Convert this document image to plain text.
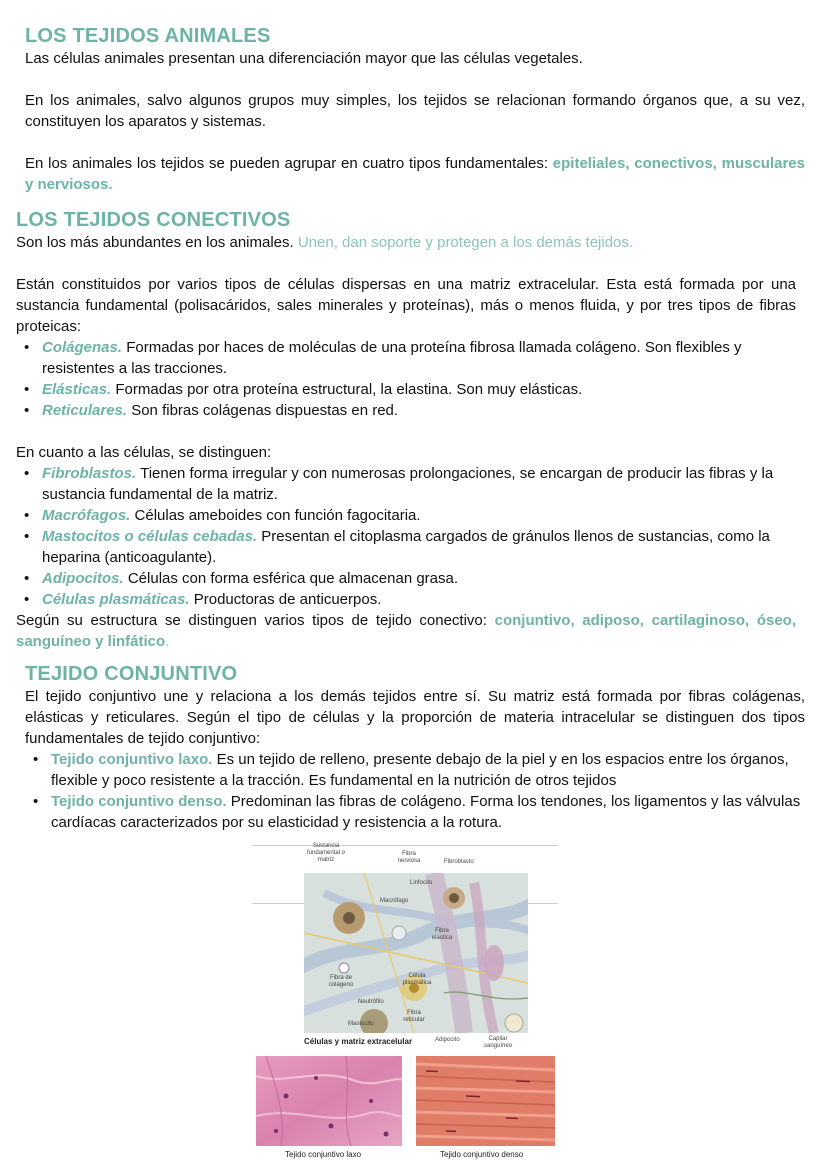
LOS TEJIDOS ANIMALES

Las células animales presentan una diferenciación mayor que las células vegetales.

En los animales, salvo algunos grupos muy simples, los tejidos se relacionan formando órganos que, a su vez, constituyen los aparatos y sistemas.

En los animales los tejidos se pueden agrupar en cuatro tipos fundamentales: epiteliales, conectivos, musculares y nerviosos.

LOS TEJIDOS CONECTIVOS

Son los más abundantes en los animales. Unen, dan soporte y protegen a los demás tejidos.

Están constituidos por varios tipos de células dispersas en una matriz extracelular. Esta está formada por una sustancia fundamental (polisacáridos, sales minerales y proteínas), más o menos fluida, y por tres tipos de fibras proteicas:

• Colágenas. Formadas por haces de moléculas de una proteína fibrosa llamada colágeno. Son flexibles y resistentes a las tracciones.
• Elásticas. Formadas por otra proteína estructural, la elastina. Son muy elásticas.
• Reticulares. Son fibras colágenas dispuestas en red.

En cuanto a las células, se distinguen:

• Fibroblastos. Tienen forma irregular y con numerosas prolongaciones, se encargan de producir las fibras y la sustancia fundamental de la matriz.
• Macrófagos. Células ameboides con función fagocitaria.
• Mastocitos o células cebadas. Presentan el citoplasma cargados de gránulos llenos de sustancias, como la heparina (anticoagulante).
• Adipocitos. Células con forma esférica que almacenan grasa.
• Células plasmáticas. Productoras de anticuerpos.

Según su estructura se distinguen varios tipos de tejido conectivo: conjuntivo, adiposo, cartilaginoso, óseo, sanguíneo y linfático.

TEJIDO CONJUNTIVO

El tejido conjuntivo une y relaciona a los demás tejidos entre sí. Su matriz está formada por fibras colágenas, elásticas y reticulares. Según el tipo de células y la proporción de materia intracelular se distinguen dos tipos fundamentales de tejido conjuntivo:

• Tejido conjuntivo laxo. Es un tejido de relleno, presente debajo de la piel y en los espacios entre los órganos, flexible y poco resistente a la tracción. Es fundamental en la nutrición de otros tejidos
• Tejido conjuntivo denso. Predominan las fibras de colágeno. Forma los tendones, los ligamentos y las válvulas cardíacas caracterizados por su elasticidad y resistencia a la rotura.
Sustancia fundamental o matriz
Fibra nerviosa	Fibroblasto
Linfocito
Macrófago
Fibra elástica
Fibra de colágeno
Célula plasmática
Neutrófilo
Fibra reticular
Mastocito
Células y matriz extracelular	Adipocito	Capilar sanguíneo
Tejido conjuntivo laxo	Tejido conjuntivo denso
